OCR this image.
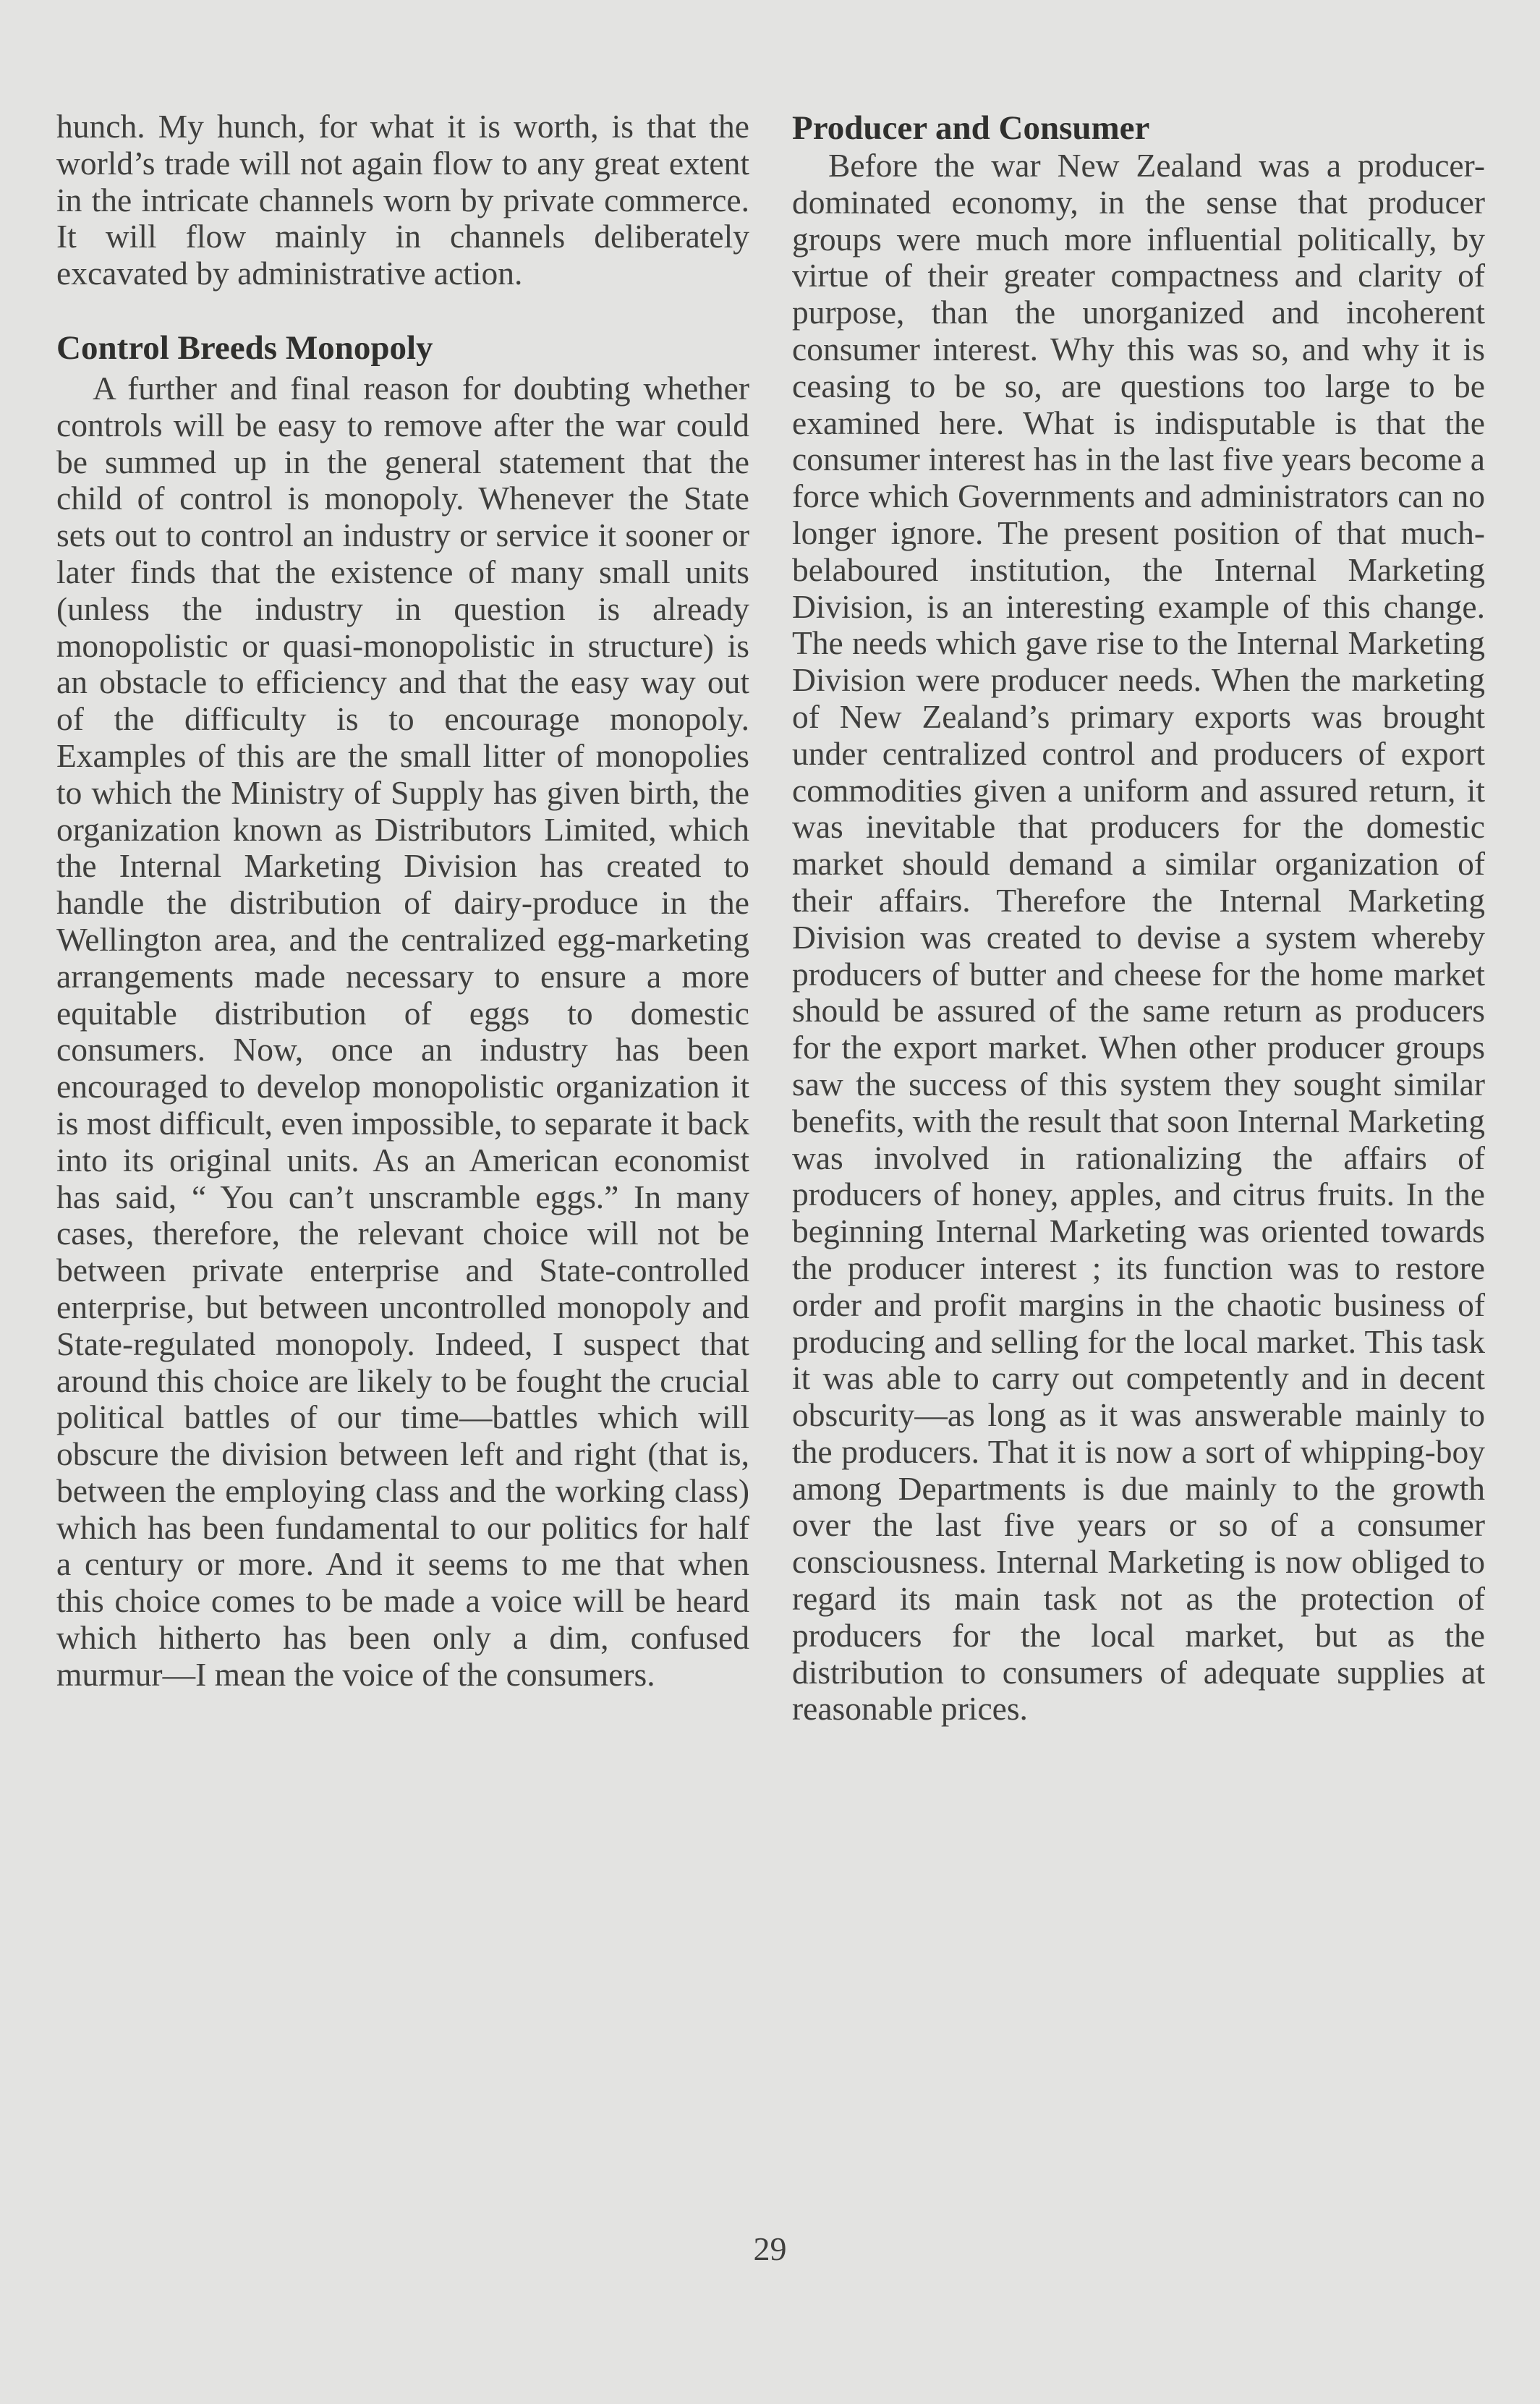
hunch. My hunch, for what it is worth, is that the world’s trade will not again flow to any great extent in the intricate channels worn by private commerce. It will flow mainly in channels deliberately excavated by administrative action.

Control Breeds Monopoly

A further and final reason for doubting whether controls will be easy to remove after the war could be summed up in the general statement that the child of control is monopoly. Whenever the State sets out to control an industry or service it sooner or later finds that the existence of many small units (unless the industry in question is already monopolistic or quasi-monopolistic in structure) is an obstacle to efficiency and that the easy way out of the difficulty is to encourage monopoly. Examples of this are the small litter of monopolies to which the Ministry of Supply has given birth, the organization known as Distributors Limited, which the Internal Marketing Division has created to handle the distribution of dairy-produce in the Wellington area, and the centralized egg-marketing arrangements made necessary to ensure a more equitable distribution of eggs to domestic consumers. Now, once an industry has been encouraged to develop monopolistic organization it is most difficult, even impossible, to separate it back into its original units. As an American economist has said, “ You can’t unscramble eggs.” In many cases, therefore, the relevant choice will not be between private enterprise and State-controlled enterprise, but between uncontrolled monopoly and State-regulated monopoly. Indeed, I suspect that around this choice are likely to be fought the crucial political battles of our time—battles which will obscure the division between left and right (that is, between the employing class and the working class) which has been fundamental to our politics for half a century or more. And it seems to me that when this choice comes to be made a voice will be heard which hitherto has been only a dim, confused murmur—I mean the voice of the consumers.

Producer and Consumer

Before the war New Zealand was a producer-dominated economy, in the sense that producer groups were much more influential politically, by virtue of their greater compactness and clarity of purpose, than the unorganized and incoherent consumer interest. Why this was so, and why it is ceasing to be so, are questions too large to be examined here. What is indisputable is that the consumer interest has in the last five years become a force which Governments and administrators can no longer ignore. The present position of that much-belaboured institution, the Internal Marketing Division, is an interesting example of this change. The needs which gave rise to the Internal Marketing Division were producer needs. When the marketing of New Zealand’s primary exports was brought under centralized control and producers of export commodities given a uniform and assured return, it was inevitable that producers for the domestic market should demand a similar organization of their affairs. Therefore the Internal Marketing Division was created to devise a system whereby producers of butter and cheese for the home market should be assured of the same return as producers for the export market. When other producer groups saw the success of this system they sought similar benefits, with the result that soon Internal Marketing was involved in rationalizing the affairs of producers of honey, apples, and citrus fruits. In the beginning Internal Marketing was oriented towards the producer interest ; its function was to restore order and profit margins in the chaotic business of producing and selling for the local market. This task it was able to carry out competently and in decent obscurity—as long as it was answerable mainly to the producers. That it is now a sort of whipping-boy among Departments is due mainly to the growth over the last five years or so of a consumer consciousness. Internal Marketing is now obliged to regard its main task not as the protection of producers for the local market, but as the distribution to consumers of adequate supplies at reasonable prices.

29
